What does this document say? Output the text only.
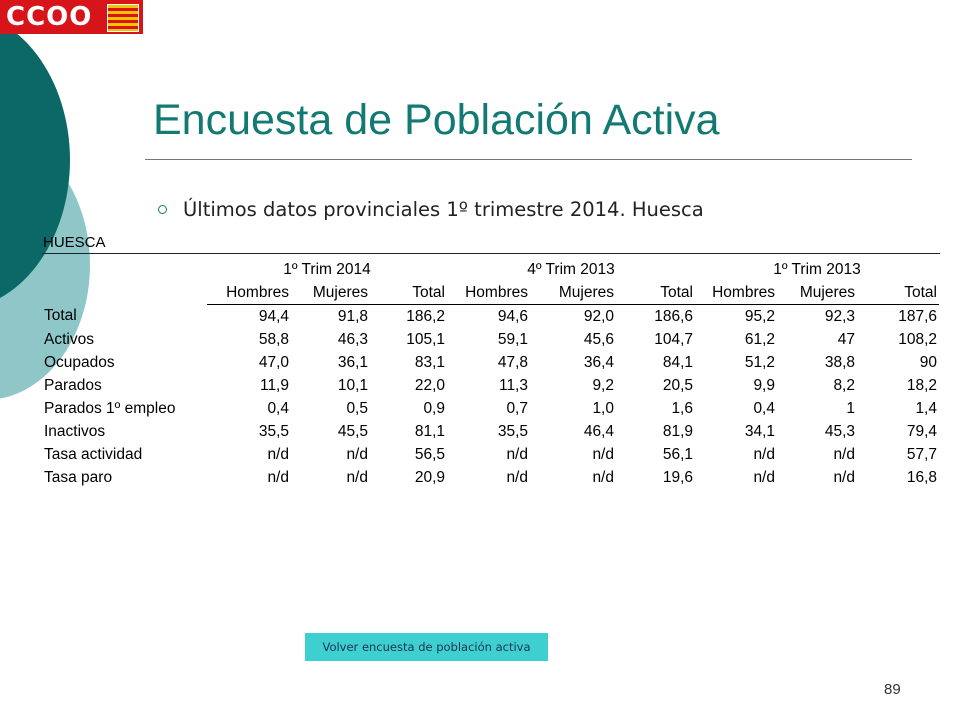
CCOO
Encuesta de Población Activa
Últimos datos provinciales 1º trimestre 2014. Huesca
HUESCA
	1º Trim 2014			4º Trim 2013			1º Trim 2013		
	Hombres	Mujeres	Total	Hombres	Mujeres	Total	Hombres	Mujeres	Total
Total	94,4	91,8	186,2	94,6	92,0	186,6	95,2	92,3	187,6
Activos	58,8	46,3	105,1	59,1	45,6	104,7	61,2	47	108,2
Ocupados	47,0	36,1	83,1	47,8	36,4	84,1	51,2	38,8	90
Parados	11,9	10,1	22,0	11,3	9,2	20,5	9,9	8,2	18,2
Parados 1º empleo	0,4	0,5	0,9	0,7	1,0	1,6	0,4	1	1,4
Inactivos	35,5	45,5	81,1	35,5	46,4	81,9	34,1	45,3	79,4
Tasa actividad	n/d	n/d	56,5	n/d	n/d	56,1	n/d	n/d	57,7
Tasa paro	n/d	n/d	20,9	n/d	n/d	19,6	n/d	n/d	16,8
Volver encuesta de población activa
89
